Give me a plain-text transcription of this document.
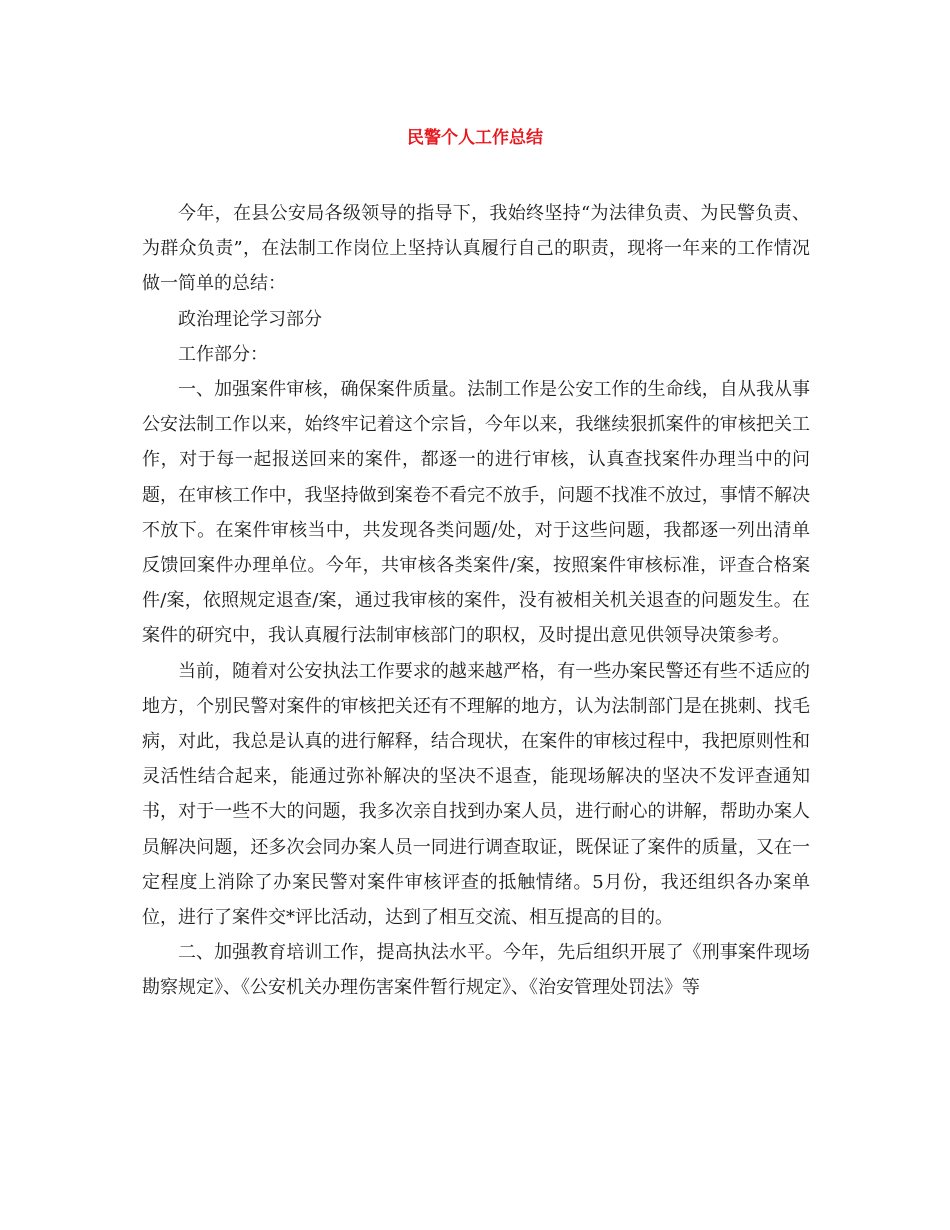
民警个人工作总结

今年，在县公安局各级领导的指导下，我始终坚持“为法律负责、为民警负责、为群众负责”，在法制工作岗位上坚持认真履行自己的职责，现将一年来的工作情况做一简单的总结：

政治理论学习部分

工作部分：

一、加强案件审核，确保案件质量。法制工作是公安工作的生命线，自从我从事公安法制工作以来，始终牢记着这个宗旨，今年以来，我继续狠抓案件的审核把关工作，对于每一起报送回来的案件，都逐一的进行审核，认真查找案件办理当中的问题，在审核工作中，我坚持做到案卷不看完不放手，问题不找准不放过，事情不解决不放下。在案件审核当中，共发现各类问题/处，对于这些问题，我都逐一列出清单反馈回案件办理单位。今年，共审核各类案件/案，按照案件审核标准，评查合格案件/案，依照规定退查/案，通过我审核的案件，没有被相关机关退查的问题发生。在案件的研究中，我认真履行法制审核部门的职权，及时提出意见供领导决策参考。

当前，随着对公安执法工作要求的越来越严格，有一些办案民警还有些不适应的地方，个别民警对案件的审核把关还有不理解的地方，认为法制部门是在挑刺、找毛病，对此，我总是认真的进行解释，结合现状，在案件的审核过程中，我把原则性和灵活性结合起来，能通过弥补解决的坚决不退查，能现场解决的坚决不发评查通知书，对于一些不大的问题，我多次亲自找到办案人员，进行耐心的讲解，帮助办案人员解决问题，还多次会同办案人员一同进行调查取证，既保证了案件的质量，又在一定程度上消除了办案民警对案件审核评查的抵触情绪。5月份，我还组织各办案单位，进行了案件交*评比活动，达到了相互交流、相互提高的目的。

二、加强教育培训工作，提高执法水平。今年，先后组织开展了《刑事案件现场勘察规定》、《公安机关办理伤害案件暂行规定》、《治安管理处罚法》等
